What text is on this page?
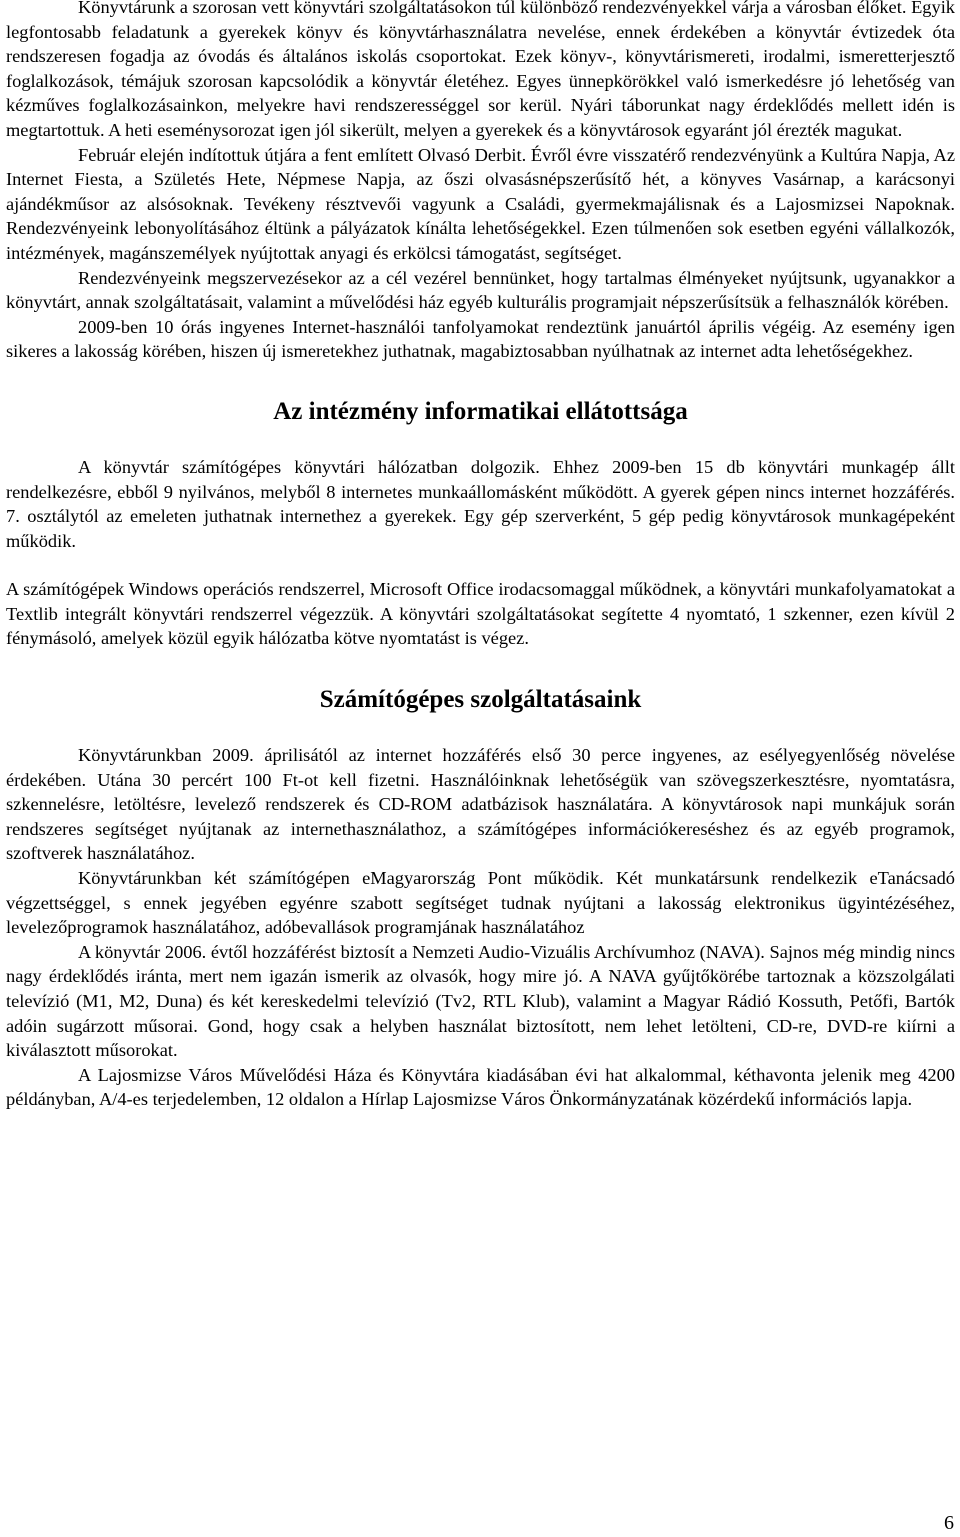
Könyvtárunk a szorosan vett könyvtári szolgáltatásokon túl különböző rendezvényekkel várja a városban élőket. Egyik legfontosabb feladatunk a gyerekek könyv és könyvtárhasználatra nevelése, ennek érdekében a könyvtár évtizedek óta rendszeresen fogadja az óvodás és általános iskolás csoportokat. Ezek könyv-, könyvtárismereti, irodalmi, ismeretterjesztő foglalkozások, témájuk szorosan kapcsolódik a könyvtár életéhez. Egyes ünnepkörökkel való ismerkedésre jó lehetőség van kézműves foglalkozásainkon, melyekre havi rendszerességgel sor kerül. Nyári táborunkat nagy érdeklődés mellett idén is megtartottuk. A heti eseménysorozat igen jól sikerült, melyen a gyerekek és a könyvtárosok egyaránt jól érezték magukat.

Február elején indítottuk útjára a fent említett Olvasó Derbit. Évről évre visszatérő rendezvényünk a Kultúra Napja, Az Internet Fiesta, a Születés Hete, Népmese Napja, az őszi olvasásnépszerűsítő hét, a könyves Vasárnap, a karácsonyi ajándékműsor az alsósoknak. Tevékeny résztvevői vagyunk a Családi, gyermekmajálisnak és a Lajosmizsei Napoknak. Rendezvényeink lebonyolításához éltünk a pályázatok kínálta lehetőségekkel. Ezen túlmenően sok esetben egyéni vállalkozók, intézmények, magánszemélyek nyújtottak anyagi és erkölcsi támogatást, segítséget.

Rendezvényeink megszervezésekor az a cél vezérel bennünket, hogy tartalmas élményeket nyújtsunk, ugyanakkor a könyvtárt, annak szolgáltatásait, valamint a művelődési ház egyéb kulturális programjait népszerűsítsük a felhasználók körében.

2009-ben 10 órás ingyenes Internet-használói tanfolyamokat rendeztünk januártól április végéig. Az esemény igen sikeres a lakosság körében, hiszen új ismeretekhez juthatnak, magabiztosabban nyúlhatnak az internet adta lehetőségekhez.

Az intézmény informatikai ellátottsága

A könyvtár számítógépes könyvtári hálózatban dolgozik. Ehhez 2009-ben 15 db könyvtári munkagép állt rendelkezésre, ebből 9 nyilvános, melyből 8 internetes munkaállomásként működött. A gyerek gépen nincs internet hozzáférés. 7. osztálytól az emeleten juthatnak internethez a gyerekek. Egy gép szerverként, 5 gép pedig könyvtárosok munkagépeként működik.

A számítógépek Windows operációs rendszerrel, Microsoft Office irodacsomaggal működnek, a könyvtári munkafolyamatokat a Textlib integrált könyvtári rendszerrel végezzük. A könyvtári szolgáltatásokat segítette 4 nyomtató, 1 szkenner, ezen kívül 2 fénymásoló, amelyek közül egyik hálózatba kötve nyomtatást is végez.

Számítógépes szolgáltatásaink

Könyvtárunkban 2009. áprilisától az internet hozzáférés első 30 perce ingyenes, az esélyegyenlőség növelése érdekében. Utána 30 percért 100 Ft-ot kell fizetni. Használóinknak lehetőségük van szövegszerkesztésre, nyomtatásra, szkennelésre, letöltésre, levelező rendszerek és CD-ROM adatbázisok használatára. A könyvtárosok napi munkájuk során rendszeres segítséget nyújtanak az internethasználathoz, a számítógépes információkereséshez és az egyéb programok, szoftverek használatához.

Könyvtárunkban két számítógépen eMagyarország Pont működik. Két munkatársunk rendelkezik eTanácsadó végzettséggel, s ennek jegyében egyénre szabott segítséget tudnak nyújtani a lakosság elektronikus ügyintézéséhez, levelezőprogramok használatához, adóbevallások programjának használatához

A könyvtár 2006. évtől hozzáférést biztosít a Nemzeti Audio-Vizuális Archívumhoz (NAVA). Sajnos még mindig nincs nagy érdeklődés iránta, mert nem igazán ismerik az olvasók, hogy mire jó. A NAVA gyűjtőkörébe tartoznak a közszolgálati televízió (M1, M2, Duna) és két kereskedelmi televízió (Tv2, RTL Klub), valamint a Magyar Rádió Kossuth, Petőfi, Bartók adóin sugárzott műsorai. Gond, hogy csak a helyben használat biztosított, nem lehet letölteni, CD-re, DVD-re kiírni a kiválasztott műsorokat.

A Lajosmizse Város Művelődési Háza és Könyvtára kiadásában évi hat alkalommal, kéthavonta jelenik meg 4200 példányban, A/4-es terjedelemben, 12 oldalon a Hírlap Lajosmizse Város Önkormányzatának közérdekű információs lapja.

6
